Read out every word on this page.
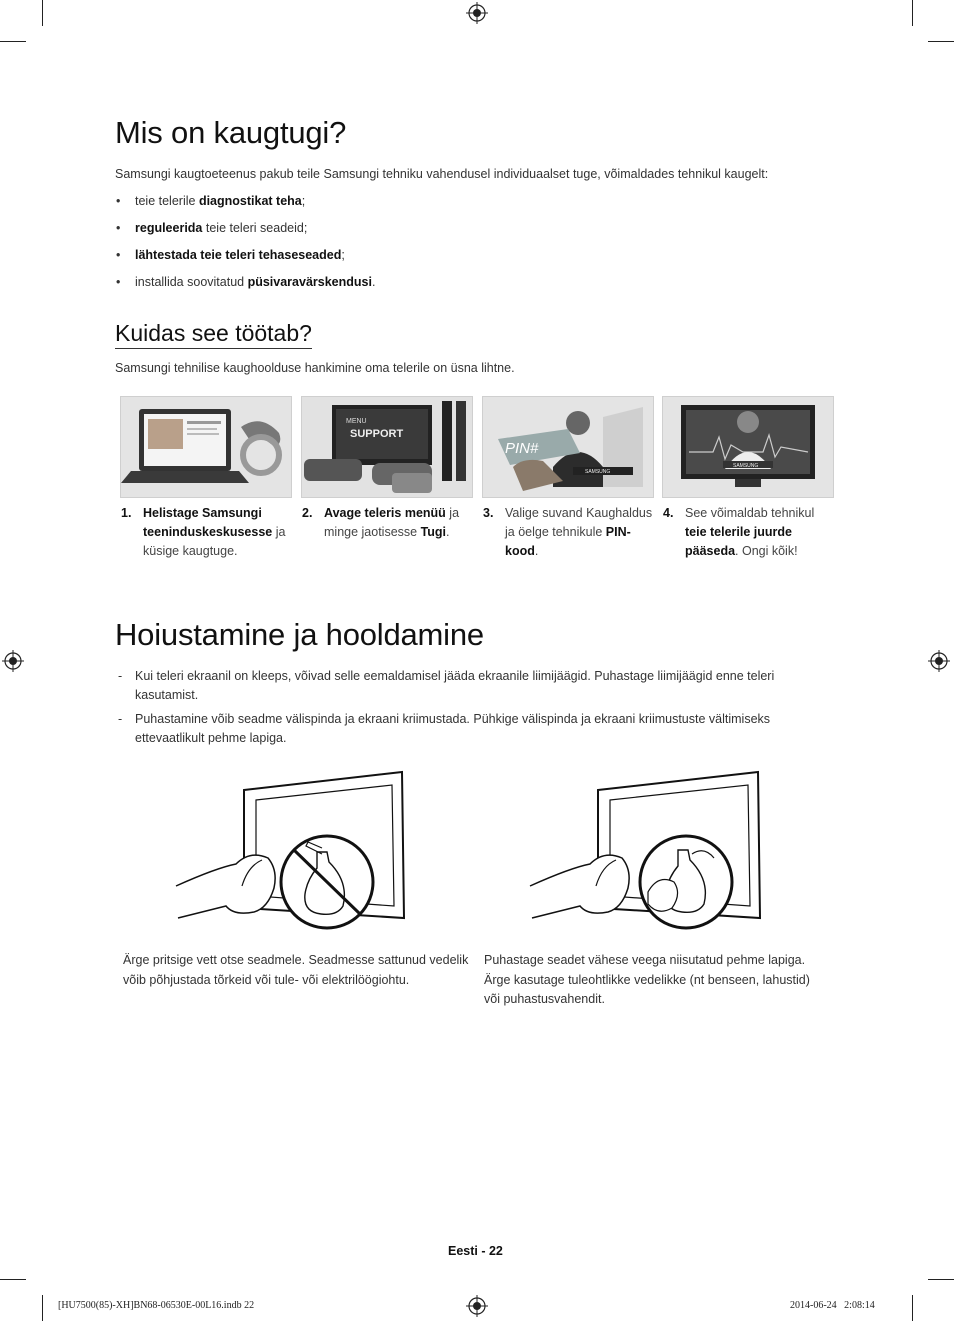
Mis on kaugtugi?
Samsungi kaugtoeteenus pakub teile Samsungi tehniku vahendusel individuaalset tuge, võimaldades tehnikul kaugelt:
• teie telerile diagnostikat teha;
• reguleerida teie teleri seadeid;
• lähtestada teie teleri tehaseseaded;
• installida soovitatud püsivaravärskendusi.
Kuidas see töötab?
Samsungi tehnilise kaughoolduse hankimine oma telerile on üsna lihtne.
MENU
SUPPORT
PIN#
SAMSUNG
SAMSUNG
1. Helistage Samsungi teeninduskeskusesse ja küsige kaugtuge.
2. Avage teleris menüü ja minge jaotisesse Tugi.
3. Valige suvand Kaughaldus ja öelge tehnikule PIN-kood.
4. See võimaldab tehnikul teie telerile juurde pääseda. Ongi kõik!
Hoiustamine ja hooldamine
- Kui teleri ekraanil on kleeps, võivad selle eemaldamisel jääda ekraanile liimijäägid. Puhastage liimijäägid enne teleri kasutamist.
- Puhastamine võib seadme välispinda ja ekraani kriimustada. Pühkige välispinda ja ekraani kriimustuste vältimiseks ettevaatlikult pehme lapiga.
Ärge pritsige vett otse seadmele. Seadmesse sattunud vedelik võib põhjustada tõrkeid või tule- või elektrilöögiohtu.
Puhastage seadet vähese veega niisutatud pehme lapiga. Ärge kasutage tuleohtlikke vedelikke (nt benseen, lahustid) või puhastusvahendit.
Eesti - 22
[HU7500(85)-XH]BN68-06530E-00L16.indb 22	2014-06-24   2:08:14
